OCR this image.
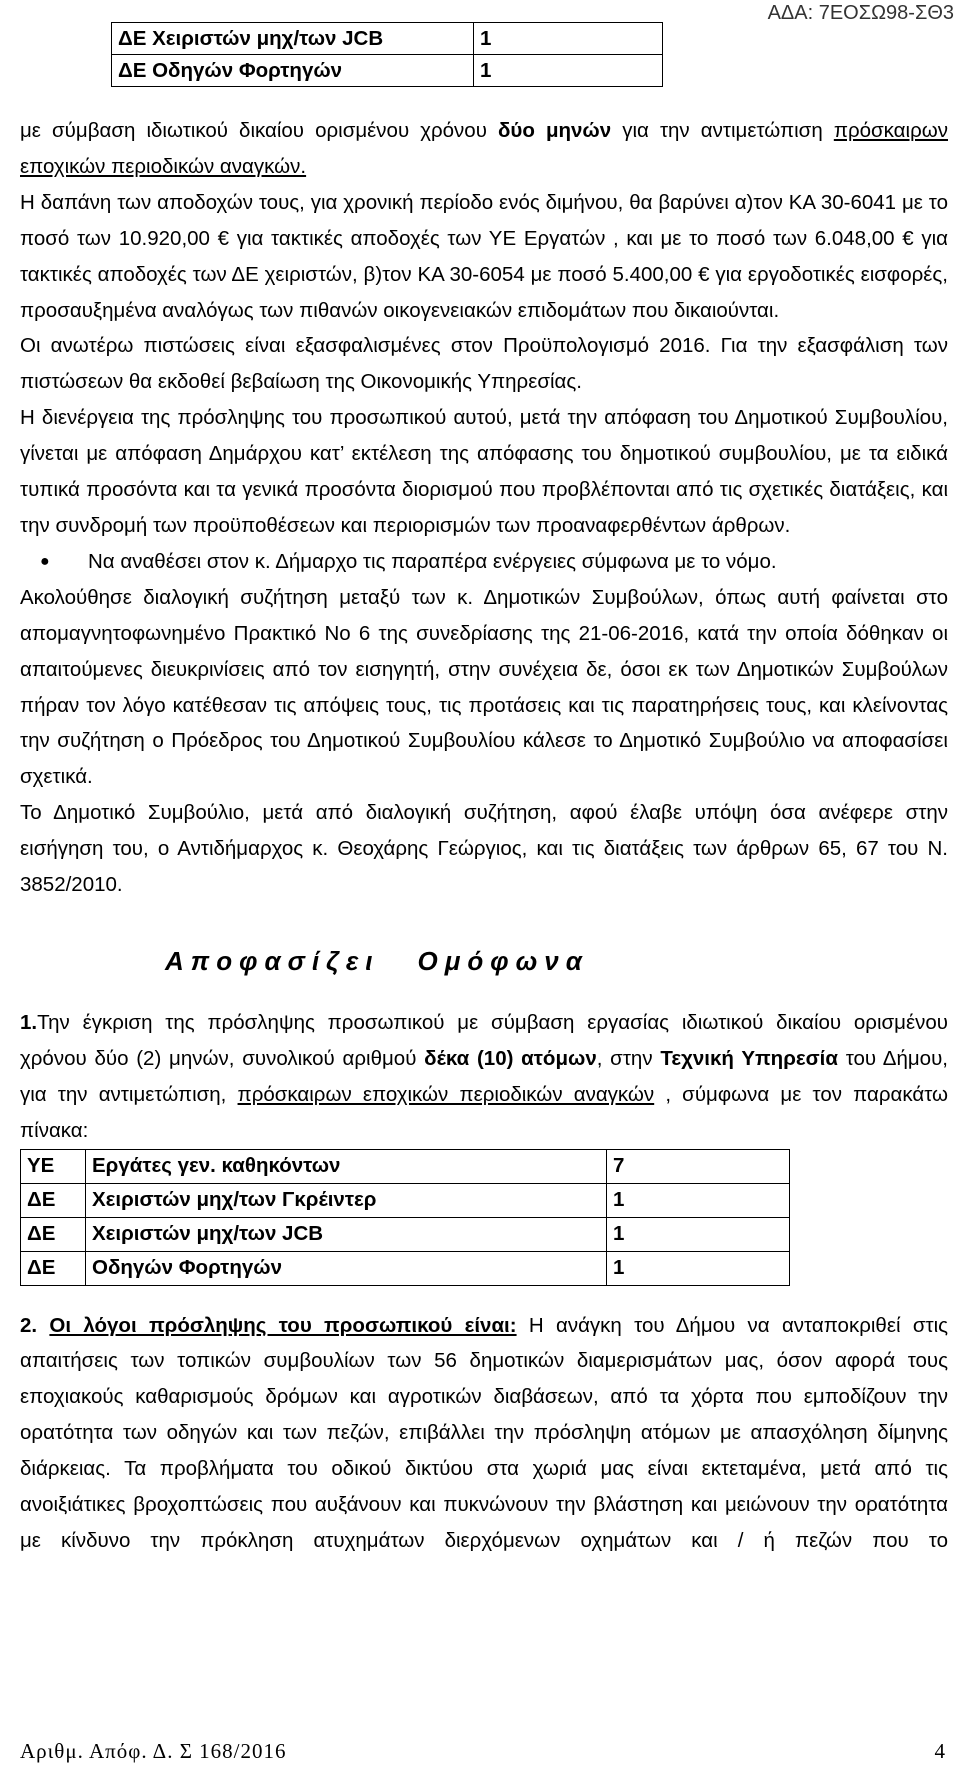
ΑΔΑ: 7ΕΟΣΩ98-ΣΘ3
ΔΕ Χειριστών μηχ/των JCB	1
ΔΕ Οδηγών Φορτηγών	1

με σύμβαση ιδιωτικού δικαίου ορισμένου χρόνου δύο μηνών για την αντιμετώπιση πρόσκαιρων εποχικών περιοδικών αναγκών.

Η δαπάνη των αποδοχών τους, για χρονική περίοδο ενός διμήνου, θα βαρύνει α)τον ΚΑ 30-6041 με το ποσό των 10.920,00 € για τακτικές αποδοχές των ΥΕ Εργατών , και με το ποσό των 6.048,00 € για τακτικές αποδοχές των ΔΕ χειριστών, β)τον ΚΑ 30-6054 με ποσό 5.400,00 € για εργοδοτικές εισφορές, προσαυξημένα αναλόγως των πιθανών οικογενειακών επιδομάτων που δικαιούνται.

Οι ανωτέρω πιστώσεις είναι εξασφαλισμένες στον Προϋπολογισμό 2016. Για την εξασφάλιση των πιστώσεων θα εκδοθεί βεβαίωση της Οικονομικής Υπηρεσίας.

Η διενέργεια της πρόσληψης του προσωπικού αυτού, μετά την απόφαση του Δημοτικού Συμβουλίου, γίνεται με απόφαση Δημάρχου κατ’ εκτέλεση της απόφασης του δημοτικού συμβουλίου, με τα ειδικά τυπικά προσόντα και τα γενικά προσόντα διορισμού που προβλέπονται από τις σχετικές διατάξεις, και την συνδρομή των προϋποθέσεων και περιορισμών των προαναφερθέντων άρθρων.

●	Να αναθέσει στον κ. Δήμαρχο τις παραπέρα ενέργειες σύμφωνα με το νόμο.

Ακολούθησε διαλογική συζήτηση μεταξύ των κ. Δημοτικών Συμβούλων, όπως αυτή φαίνεται στο απομαγνητοφωνημένο Πρακτικό Νο 6 της συνεδρίασης της 21-06-2016, κατά την οποία δόθηκαν οι απαιτούμενες διευκρινίσεις από τον εισηγητή, στην συνέχεια δε, όσοι εκ των Δημοτικών Συμβούλων πήραν τον λόγο κατέθεσαν τις απόψεις τους, τις προτάσεις και τις παρατηρήσεις τους, και κλείνοντας την συζήτηση ο Πρόεδρος του Δημοτικού Συμβουλίου κάλεσε το Δημοτικό Συμβούλιο να αποφασίσει σχετικά.

Το Δημοτικό Συμβούλιο, μετά από διαλογική συζήτηση, αφού έλαβε υπόψη όσα ανέφερε στην εισήγηση του, ο Αντιδήμαρχος κ. Θεοχάρης Γεώργιος, και τις διατάξεις των άρθρων 65, 67 του Ν. 3852/2010.

Αποφασίζει Ομόφωνα

1.Την έγκριση της πρόσληψης προσωπικού με σύμβαση εργασίας ιδιωτικού δικαίου ορισμένου χρόνου δύο (2) μηνών, συνολικού αριθμού δέκα (10) ατόμων, στην Τεχνική Υπηρεσία του Δήμου, για την αντιμετώπιση, πρόσκαιρων εποχικών περιοδικών αναγκών , σύμφωνα με τον παρακάτω πίνακα:

ΥΕ	Εργάτες γεν. καθηκόντων	7
ΔΕ	Χειριστών μηχ/των Γκρέιντερ	1
ΔΕ	Χειριστών μηχ/των JCB	1
ΔΕ	Οδηγών Φορτηγών	1

2. Οι λόγοι πρόσληψης του προσωπικού είναι: Η ανάγκη του Δήμου να ανταποκριθεί στις απαιτήσεις των τοπικών συμβουλίων των 56 δημοτικών διαμερισμάτων μας, όσον αφορά τους εποχιακούς καθαρισμούς δρόμων και αγροτικών διαβάσεων, από τα χόρτα που εμποδίζουν την ορατότητα των οδηγών και των πεζών, επιβάλλει την πρόσληψη ατόμων με απασχόληση δίμηνης διάρκειας. Τα προβλήματα του οδικού δικτύου στα χωριά μας είναι εκτεταμένα, μετά από τις ανοιξιάτικες βροχοπτώσεις που αυξάνουν και πυκνώνουν την βλάστηση και μειώνουν την ορατότητα με κίνδυνο την πρόκληση ατυχημάτων διερχόμενων οχημάτων και / ή πεζών που το

Αριθμ. Απόφ. Δ. Σ 168/2016	4
